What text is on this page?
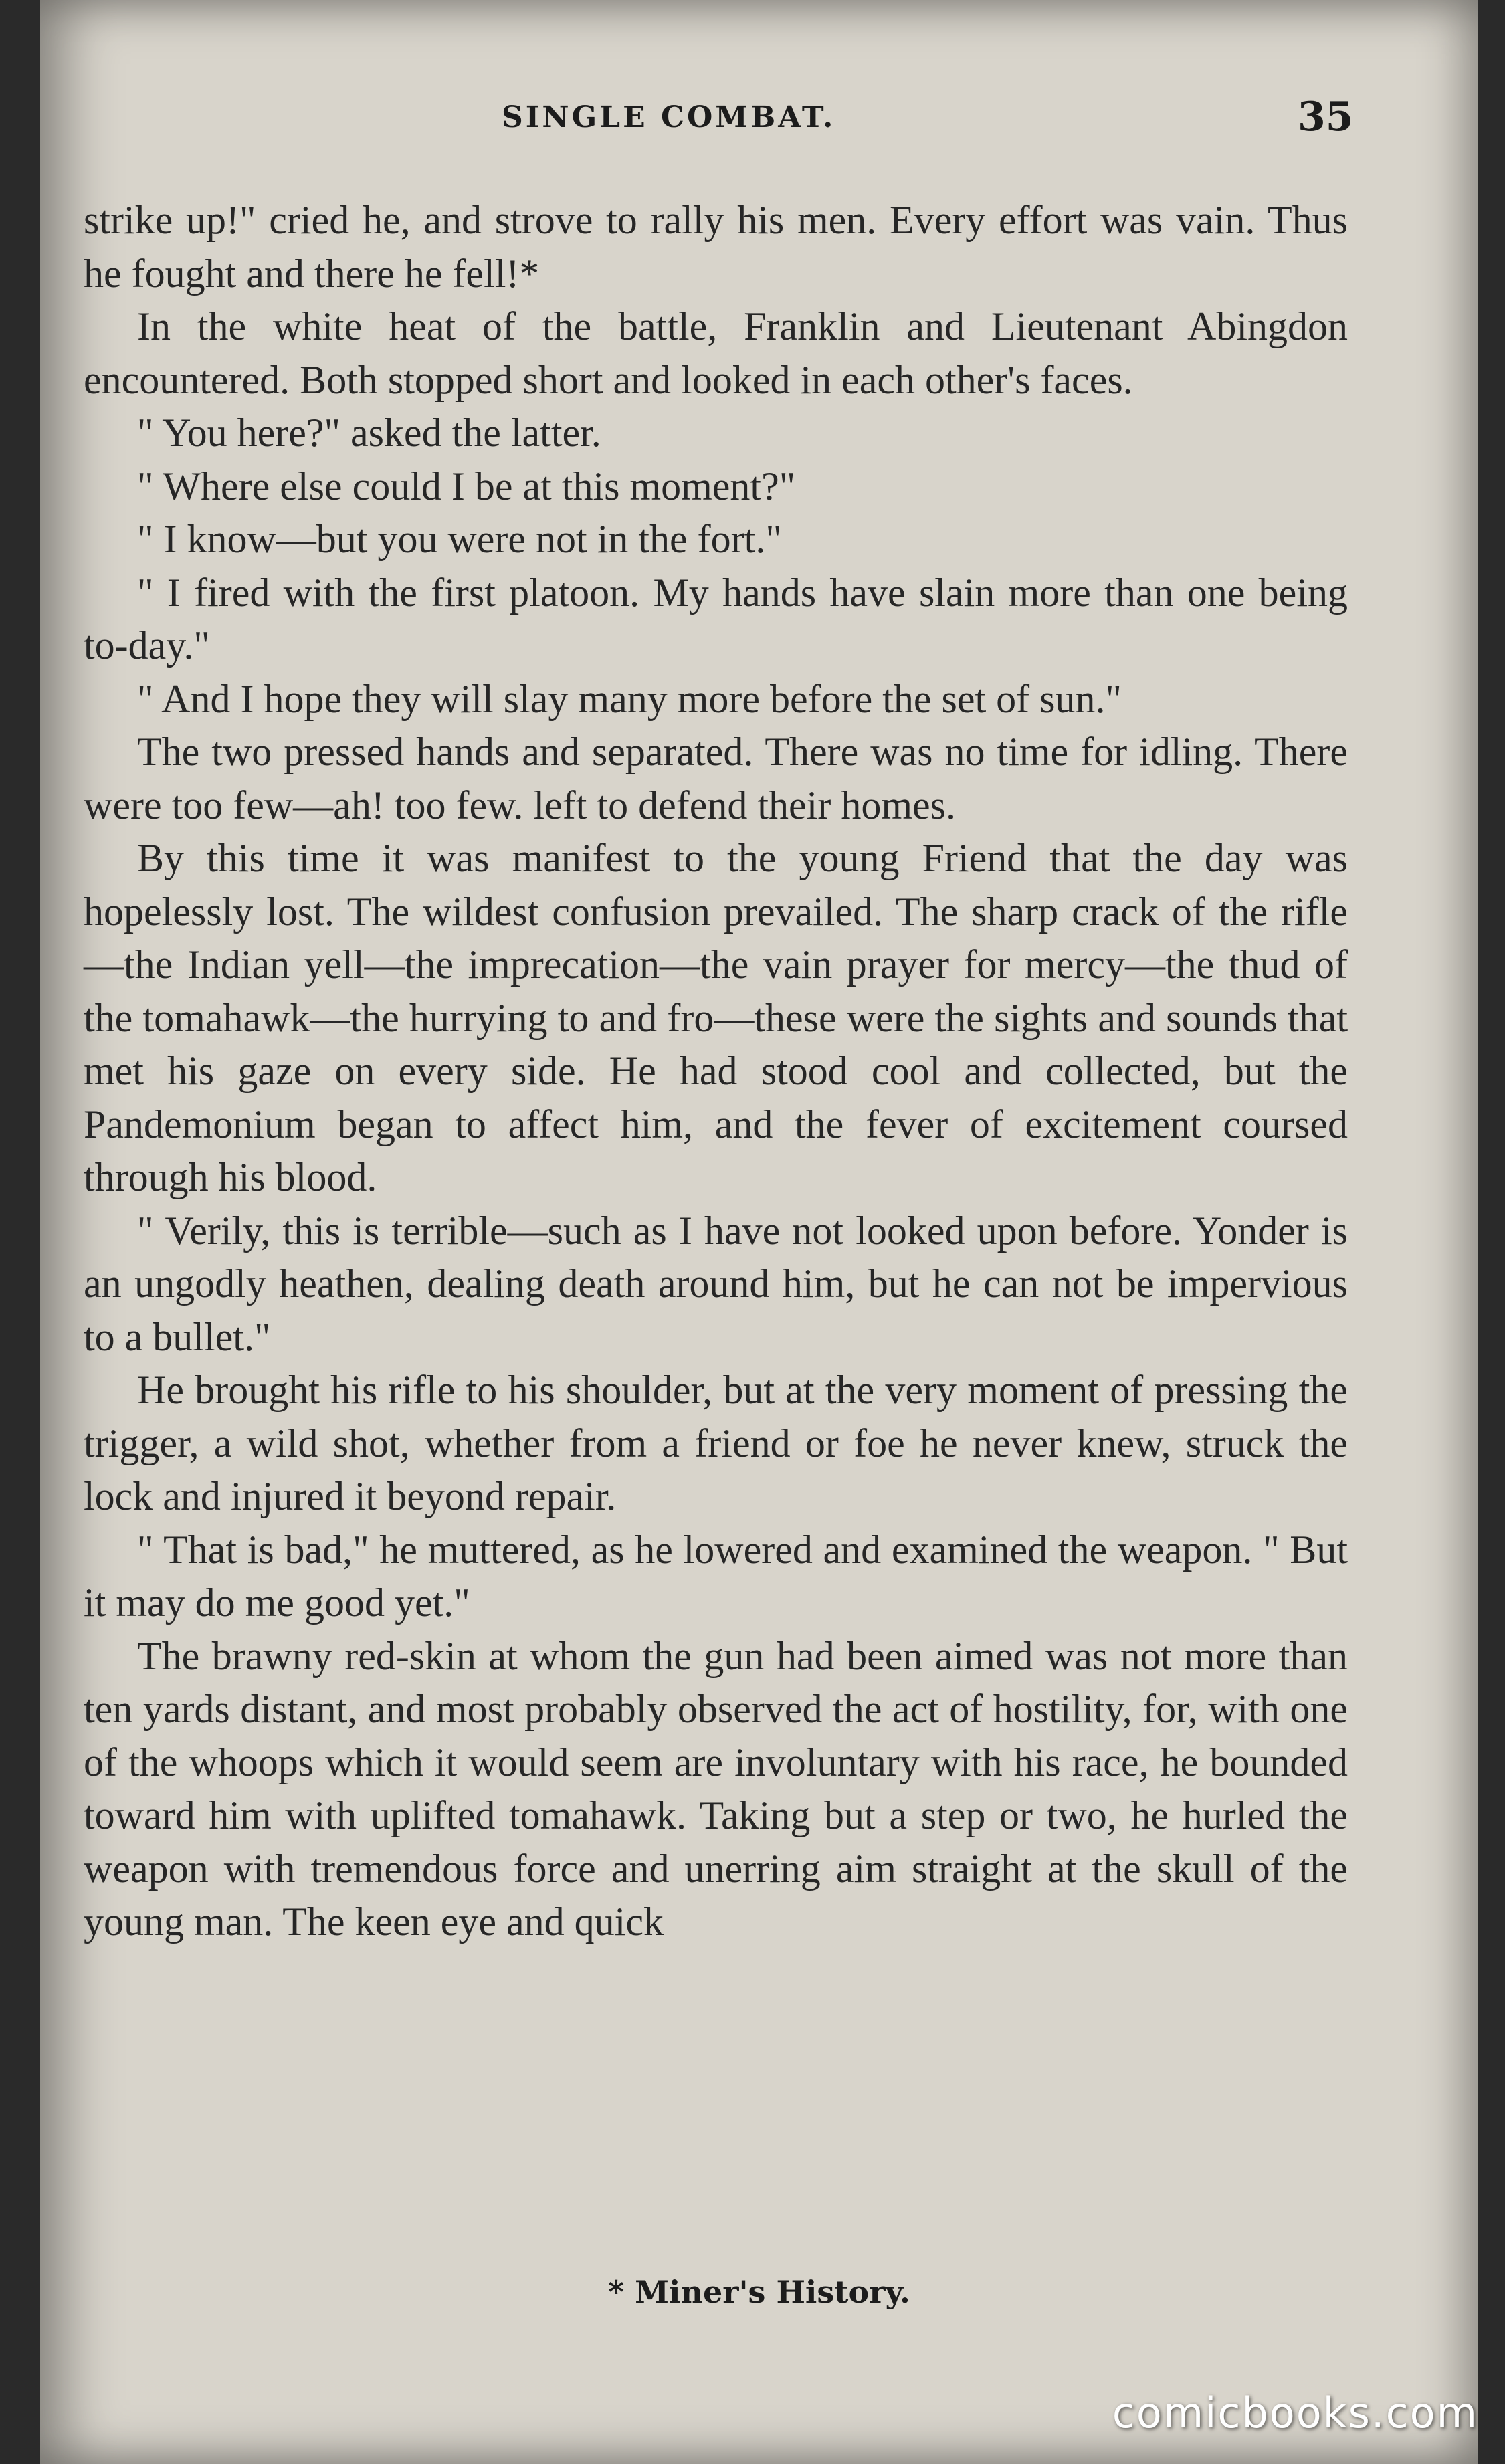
SINGLE COMBAT.	35

strike up!" cried he, and strove to rally his men. Every effort was vain. Thus he fought and there he fell!*

In the white heat of the battle, Franklin and Lieutenant Abingdon encountered. Both stopped short and looked in each other's faces.

" You here?" asked the latter.

" Where else could I be at this moment?"

" I know—but you were not in the fort."

" I fired with the first platoon. My hands have slain more than one being to-day."

" And I hope they will slay many more before the set of sun."

The two pressed hands and separated. There was no time for idling. There were too few—ah! too few. left to defend their homes.

By this time it was manifest to the young Friend that the day was hopelessly lost. The wildest confusion prevailed. The sharp crack of the rifle—the Indian yell—the imprecation—the vain prayer for mercy—the thud of the tomahawk—the hurrying to and fro—these were the sights and sounds that met his gaze on every side. He had stood cool and collected, but the Pandemonium began to affect him, and the fever of excitement coursed through his blood.

" Verily, this is terrible—such as I have not looked upon before. Yonder is an ungodly heathen, dealing death around him, but he can not be impervious to a bullet."

He brought his rifle to his shoulder, but at the very moment of pressing the trigger, a wild shot, whether from a friend or foe he never knew, struck the lock and injured it beyond repair.

" That is bad," he muttered, as he lowered and examined the weapon. " But it may do me good yet."

The brawny red-skin at whom the gun had been aimed was not more than ten yards distant, and most probably observed the act of hostility, for, with one of the whoops which it would seem are involuntary with his race, he bounded toward him with uplifted tomahawk. Taking but a step or two, he hurled the weapon with tremendous force and unerring aim straight at the skull of the young man. The keen eye and quick

* Miner's History.
comicbooks.com
